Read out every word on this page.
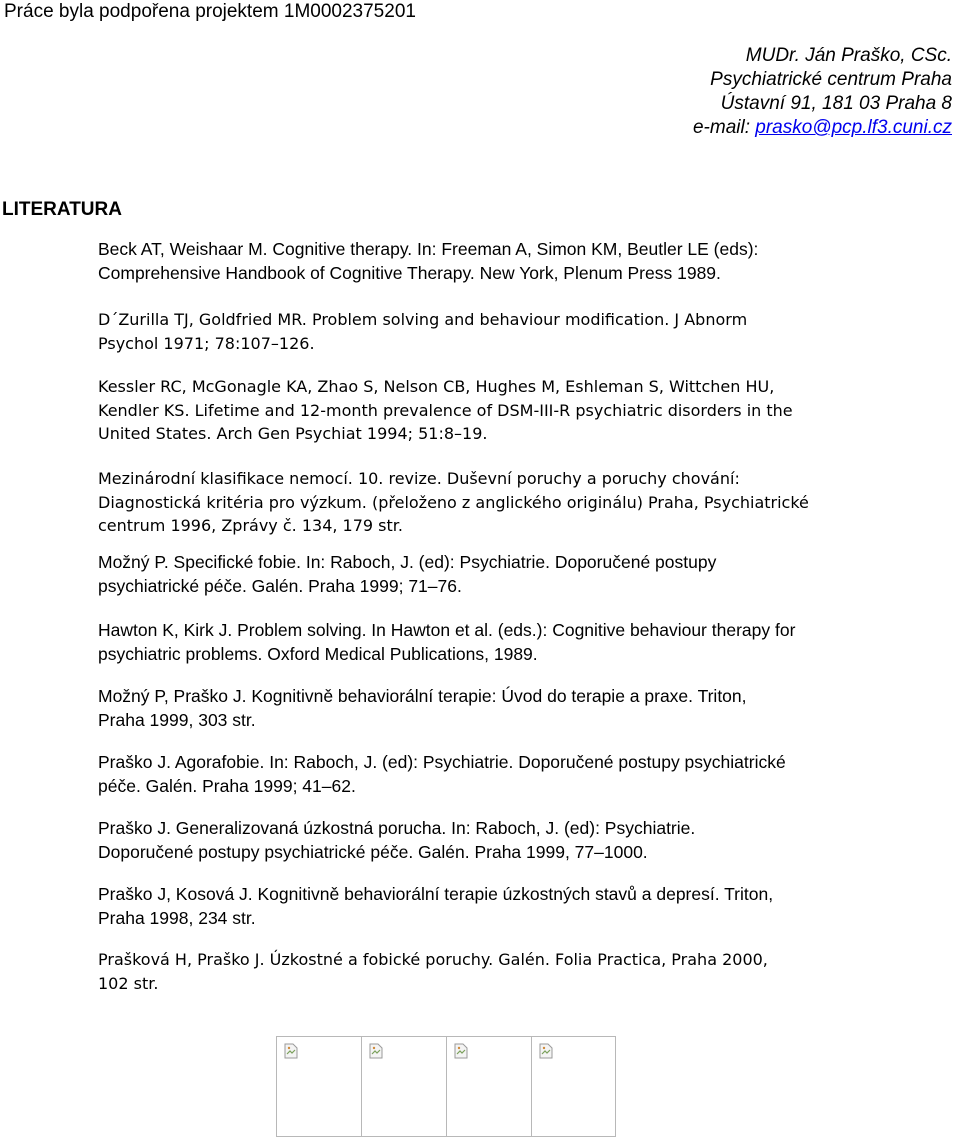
Práce byla podpořena projektem 1M0002375201
MUDr. Ján Praško, CSc.
Psychiatrické centrum Praha
Ústavní 91, 181 03 Praha 8
e-mail: prasko@pcp.lf3.cuni.cz
LITERATURA
Beck AT, Weishaar M. Cognitive therapy. In: Freeman A, Simon KM, Beutler LE (eds):
Comprehensive Handbook of Cognitive Therapy. New York, Plenum Press 1989.
D´Zurilla TJ, Goldfried MR. Problem solving and behaviour modification. J Abnorm
Psychol 1971; 78:107–126.
Kessler RC, McGonagle KA, Zhao S, Nelson CB, Hughes M, Eshleman S, Wittchen HU,
Kendler KS. Lifetime and 12-month prevalence of DSM-III-R psychiatric disorders in the
United States. Arch Gen Psychiat 1994; 51:8–19.
Mezinárodní klasifikace nemocí. 10. revize. Duševní poruchy a poruchy chování:
Diagnostická kritéria pro výzkum. (přeloženo z anglického originálu) Praha, Psychiatrické
centrum 1996, Zprávy č. 134, 179 str.
Možný P. Specifické fobie. In: Raboch, J. (ed): Psychiatrie. Doporučené postupy
psychiatrické péče. Galén. Praha 1999; 71–76.
Hawton K, Kirk J. Problem solving. In Hawton et al. (eds.): Cognitive behaviour therapy for
psychiatric problems. Oxford Medical Publications, 1989.
Možný P, Praško J. Kognitivně behaviorální terapie: Úvod do terapie a praxe. Triton,
Praha 1999, 303 str.
Praško J. Agorafobie. In: Raboch, J. (ed): Psychiatrie. Doporučené postupy psychiatrické
péče. Galén. Praha 1999; 41–62.
Praško J. Generalizovaná úzkostná porucha. In: Raboch, J. (ed): Psychiatrie.
Doporučené postupy psychiatrické péče. Galén. Praha 1999, 77–1000.
Praško J, Kosová J. Kognitivně behaviorální terapie úzkostných stavů a depresí. Triton,
Praha 1998, 234 str.
Prašková H, Praško J. Úzkostné a fobické poruchy. Galén. Folia Practica, Praha 2000,
102 str.
